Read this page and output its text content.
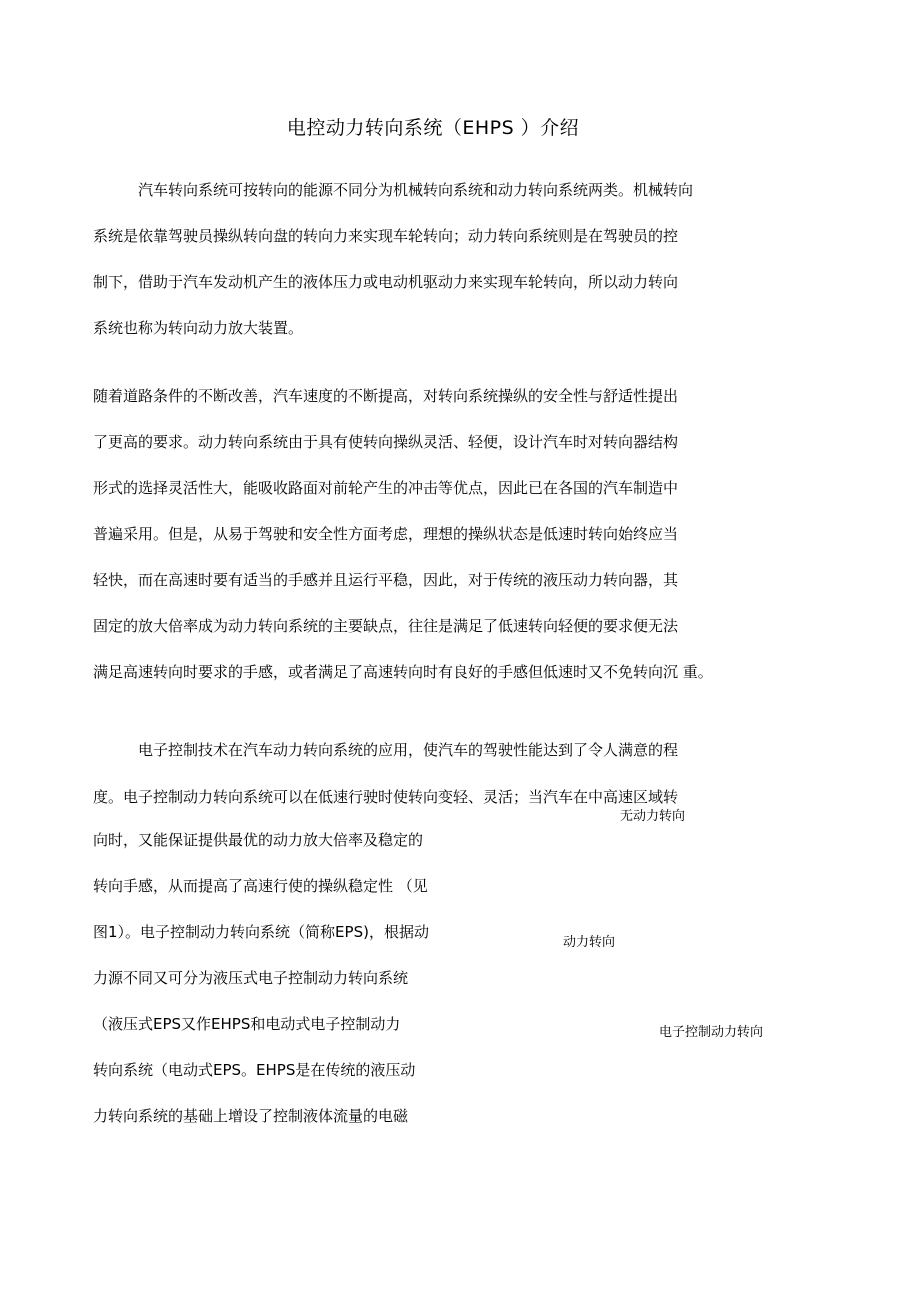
电控动力转向系统（EHPS ）介绍
汽车转向系统可按转向的能源不同分为机械转向系统和动力转向系统两类。机械转向
系统是依靠驾驶员操纵转向盘的转向力来实现车轮转向；动力转向系统则是在驾驶员的控
制下，借助于汽车发动机产生的液体压力或电动机驱动力来实现车轮转向，所以动力转向
系统也称为转向动力放大装置。
随着道路条件的不断改善，汽车速度的不断提高，对转向系统操纵的安全性与舒适性提出
了更高的要求。动力转向系统由于具有使转向操纵灵活、轻便，设计汽车时对转向器结构
形式的选择灵活性大，能吸收路面对前轮产生的冲击等优点，因此已在各国的汽车制造中
普遍采用。但是，从易于驾驶和安全性方面考虑，理想的操纵状态是低速时转向始终应当
轻快，而在高速时要有适当的手感并且运行平稳，因此，对于传统的液压动力转向器，其
固定的放大倍率成为动力转向系统的主要缺点，往往是满足了低速转向轻便的要求便无法
满足高速转向时要求的手感，或者满足了高速转向时有良好的手感但低速时又不免转向沉 重。
电子控制技术在汽车动力转向系统的应用，使汽车的驾驶性能达到了令人满意的程
度。电子控制动力转向系统可以在低速行驶时使转向变轻、灵活；当汽车在中高速区域转
向时，又能保证提供最优的动力放大倍率及稳定的
转向手感，从而提高了高速行使的操纵稳定性 （见
图1）。电子控制动力转向系统（简称EPS)，根据动
力源不同又可分为液压式电子控制动力转向系统
（液压式EPS又作EHPS和电动式电子控制动力
转向系统（电动式EPS。EHPS是在传统的液压动
力转向系统的基础上增设了控制液体流量的电磁
无动力转向
动力转向
电子控制动力转向
